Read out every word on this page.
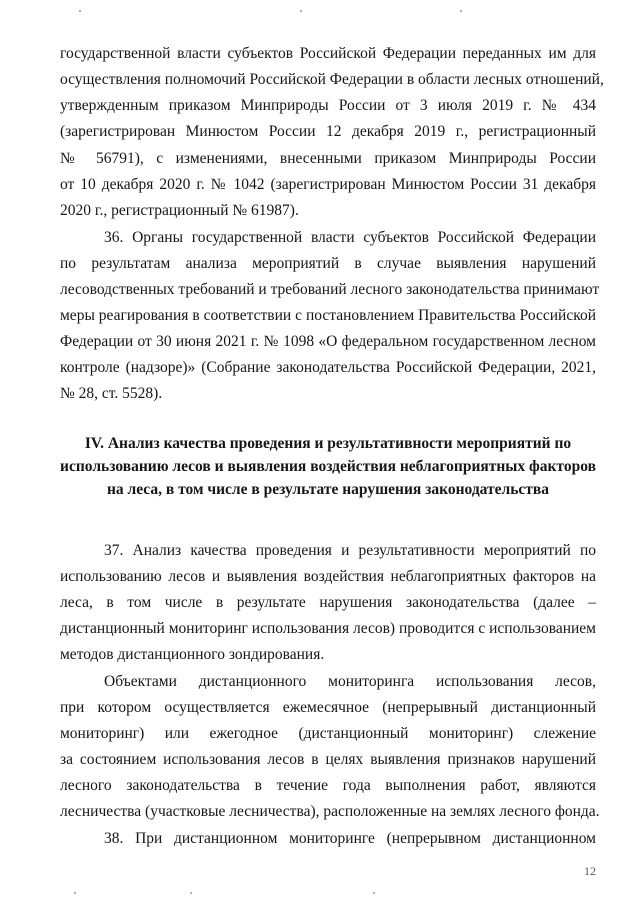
государственной власти субъектов Российской Федерации переданных им для
осуществления полномочий Российской Федерации в области лесных отношений,
утвержденным приказом Минприроды России от 3 июля 2019 г. № 434
(зарегистрирован Минюстом России 12 декабря 2019 г., регистрационный
№ 56791), с изменениями, внесенными приказом Минприроды России
от 10 декабря 2020 г. № 1042 (зарегистрирован Минюстом России 31 декабря
2020 г., регистрационный № 61987).
36. Органы государственной власти субъектов Российской Федерации
по результатам анализа мероприятий в случае выявления нарушений
лесоводственных требований и требований лесного законодательства принимают
меры реагирования в соответствии с постановлением Правительства Российской
Федерации от 30 июня 2021 г. № 1098 «О федеральном государственном лесном
контроле (надзоре)» (Собрание законодательства Российской Федерации, 2021,
№ 28, ст. 5528).
IV. Анализ качества проведения и результативности мероприятий по
использованию лесов и выявления воздействия неблагоприятных факторов
на леса, в том числе в результате нарушения законодательства
37. Анализ качества проведения и результативности мероприятий по
использованию лесов и выявления воздействия неблагоприятных факторов на
леса, в том числе в результате нарушения законодательства (далее –
дистанционный мониторинг использования лесов) проводится с использованием
методов дистанционного зондирования.
Объектами дистанционного мониторинга использования лесов,
при котором осуществляется ежемесячное (непрерывный дистанционный
мониторинг) или ежегодное (дистанционный мониторинг) слежение
за состоянием использования лесов в целях выявления признаков нарушений
лесного законодательства в течение года выполнения работ, являются
лесничества (участковые лесничества), расположенные на землях лесного фонда.
38. При дистанционном мониторинге (непрерывном дистанционном
12
